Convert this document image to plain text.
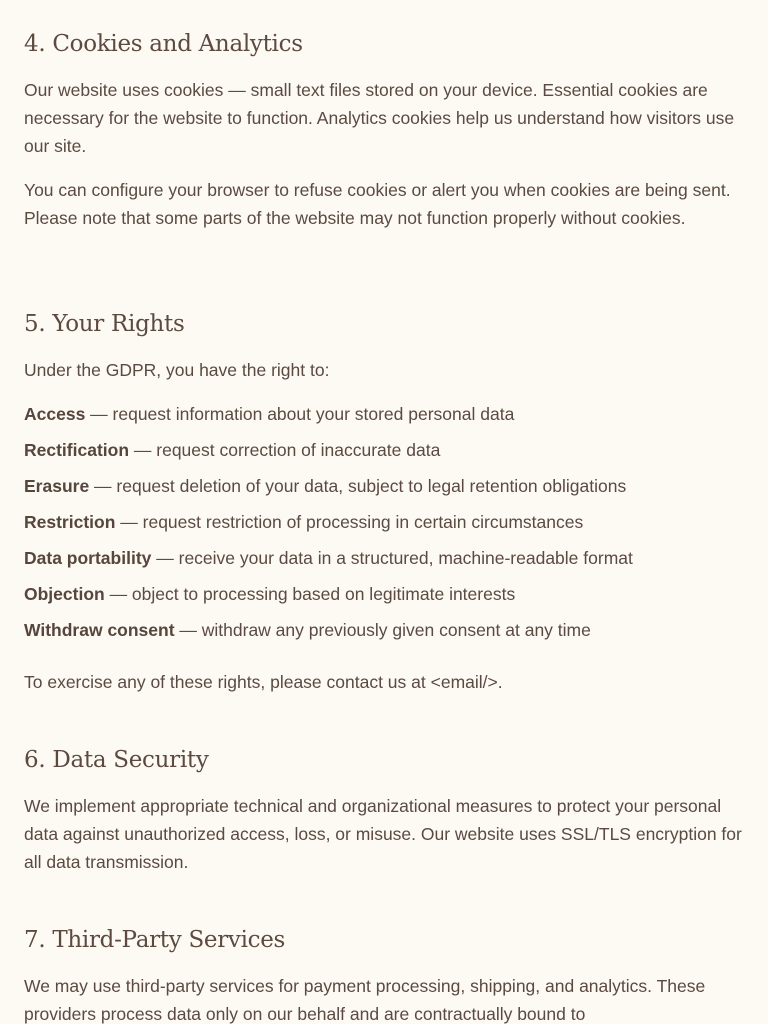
4. Cookies and Analytics

Our website uses cookies — small text files stored on your device. Essential cookies are necessary for the website to function. Analytics cookies help us understand how visitors use our site.

You can configure your browser to refuse cookies or alert you when cookies are being sent. Please note that some parts of the website may not function properly without cookies.

5. Your Rights

Under the GDPR, you have the right to:

Access — request information about your stored personal data

Rectification — request correction of inaccurate data

Erasure — request deletion of your data, subject to legal retention obligations

Restriction — request restriction of processing in certain circumstances

Data portability — receive your data in a structured, machine-readable format

Objection — object to processing based on legitimate interests

Withdraw consent — withdraw any previously given consent at any time

To exercise any of these rights, please contact us at <email/>.

6. Data Security

We implement appropriate technical and organizational measures to protect your personal data against unauthorized access, loss, or misuse. Our website uses SSL/TLS encryption for all data transmission.

7. Third-Party Services

We may use third-party services for payment processing, shipping, and analytics. These providers process data only on our behalf and are contractually bound to
